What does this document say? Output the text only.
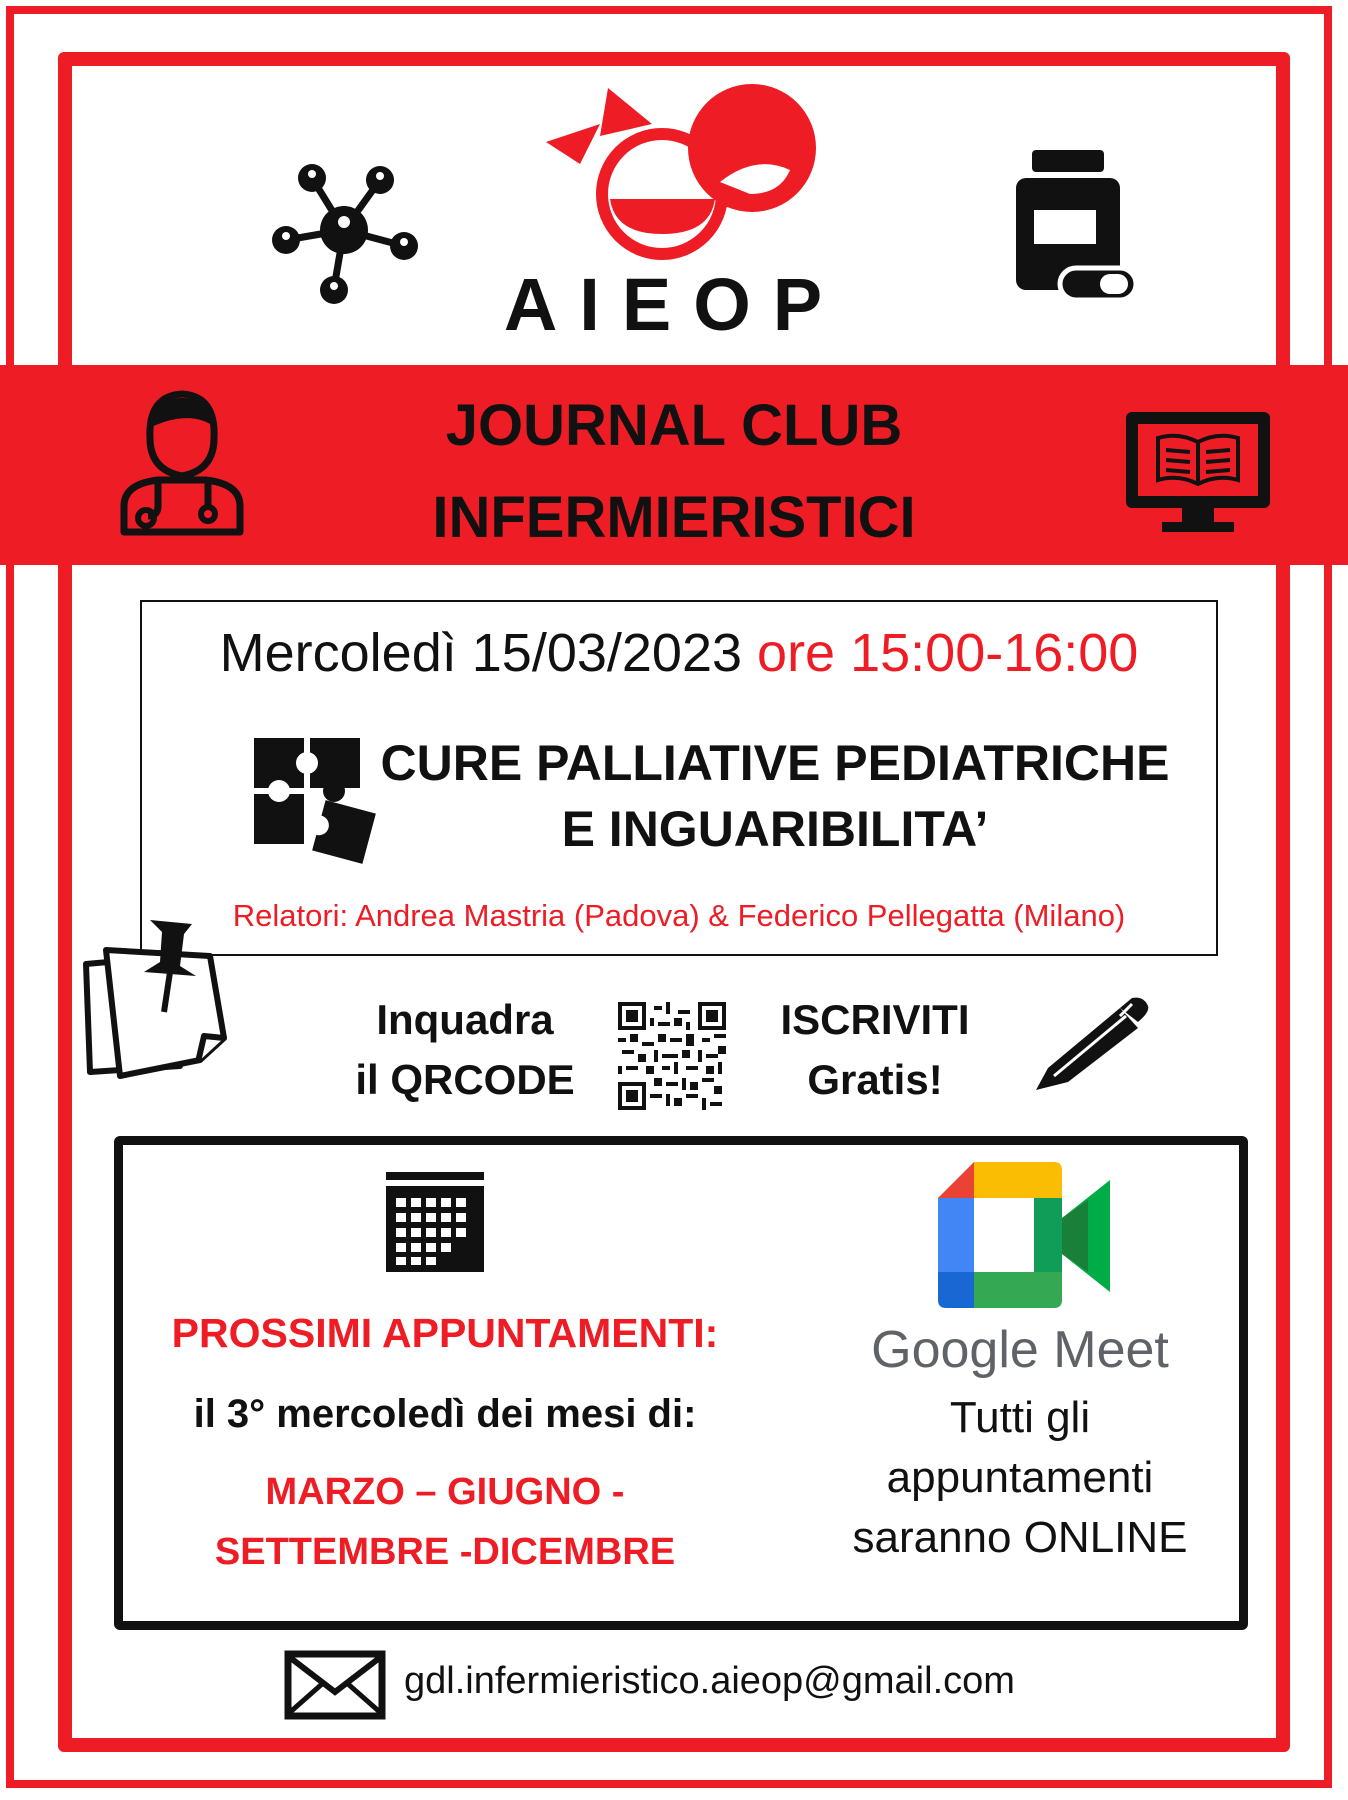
AIEOP
JOURNAL CLUB
INFERMIERISTICI
Mercoledì 15/03/2023 ore 15:00-16:00
CURE PALLIATIVE PEDIATRICHE
E INGUARIBILITA’
Relatori: Andrea Mastria (Padova) & Federico Pellegatta (Milano)
Inquadra
il QRCODE
ISCRIVITI
Gratis!
PROSSIMI APPUNTAMENTI:
il 3° mercoledì dei mesi di:
MARZO – GIUGNO -
SETTEMBRE -DICEMBRE
Google Meet
Tutti gli
appuntamenti
saranno ONLINE
gdl.infermieristico.aieop@gmail.com
